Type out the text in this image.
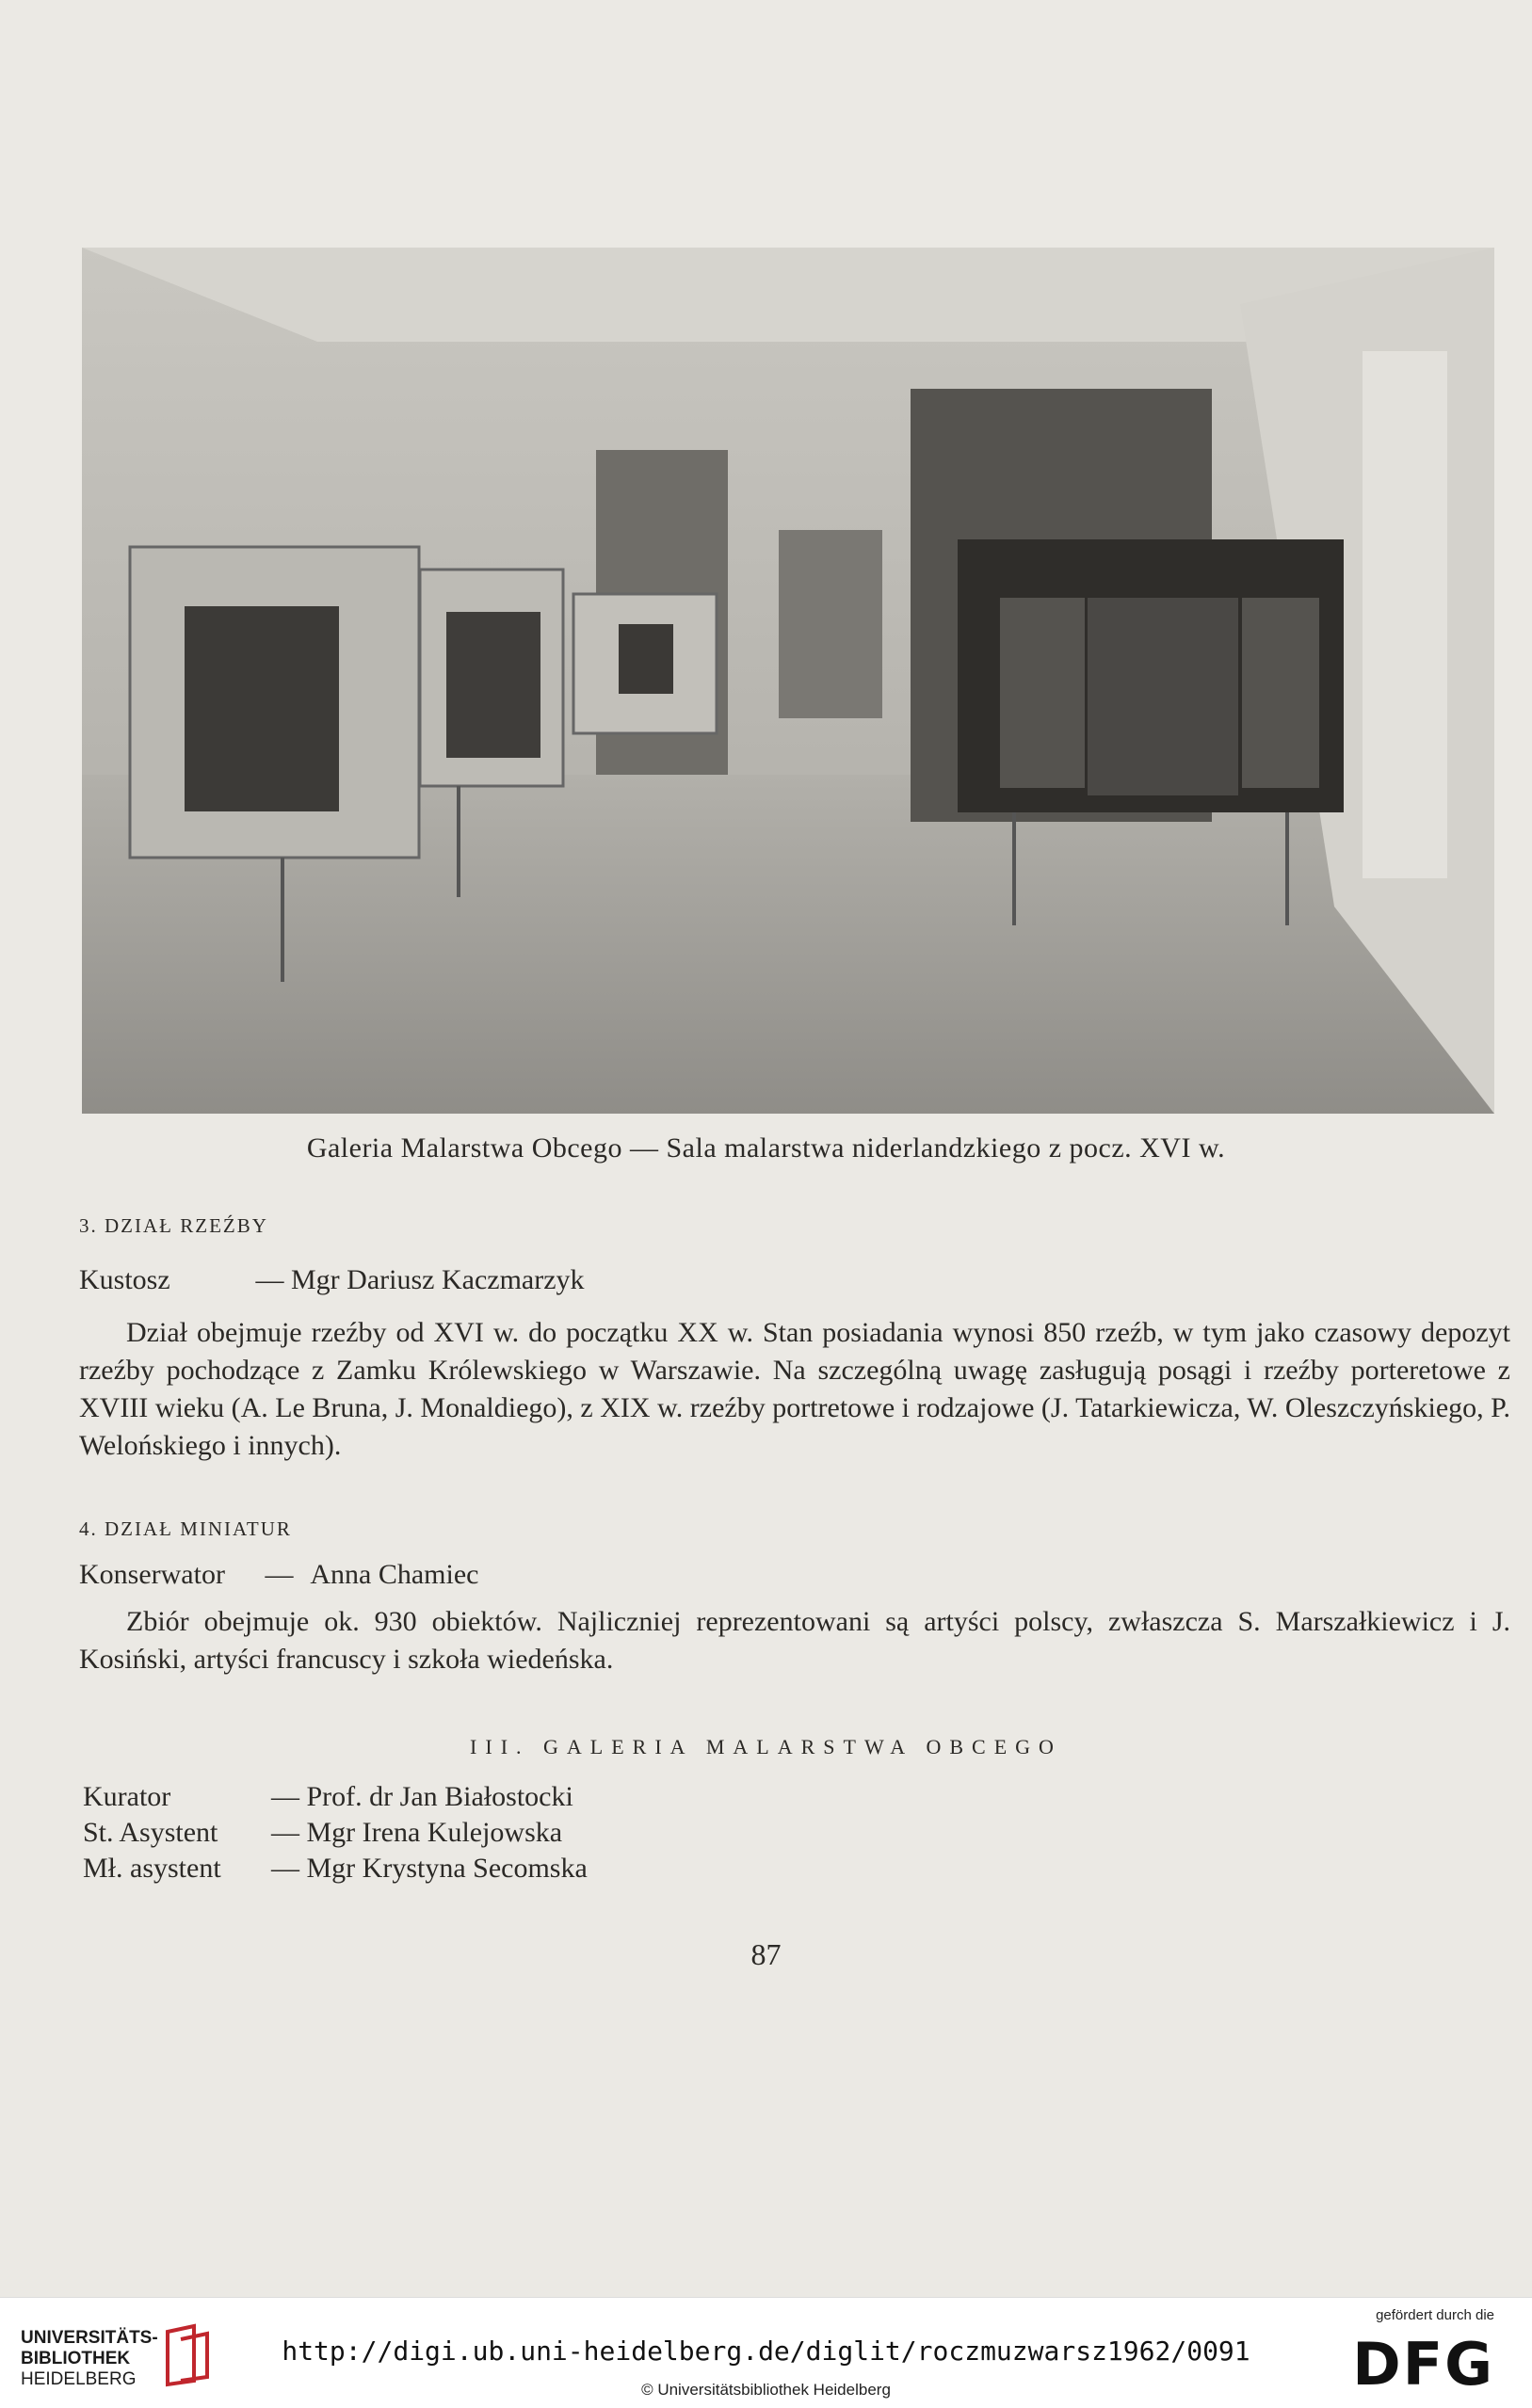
Galeria Malarstwa Obcego — Sala malarstwa niderlandzkiego z pocz. XVI w.
3. DZIAŁ RZEŹBY
Kustosz	— Mgr Dariusz Kaczmarzyk
Dział obejmuje rzeźby od XVI w. do początku XX w. Stan posiadania wynosi 850 rzeźb, w tym jako czasowy depozyt rzeźby pochodzące z Zamku Królewskiego w Warszawie. Na szczególną uwagę zasługują posągi i rzeźby porteretowe z XVIII wieku (A. Le Bruna, J. Monaldiego), z XIX w. rzeźby portretowe i rodzajowe (J. Tatarkiewicza, W. Oleszczyńskiego, P. Welońskiego i innych).
4. DZIAŁ MINIATUR
Konserwator — Anna Chamiec
Zbiór obejmuje ok. 930 obiektów. Najliczniej reprezentowani są artyści polscy, zwłaszcza S. Marszałkiewicz i J. Kosiński, artyści francuscy i szkoła wiedeńska.
III. GALERIA MALARSTWA OBCEGO
Kurator	— Prof. dr Jan Białostocki
St. Asystent — Mgr Irena Kulejowska
Mł. asystent — Mgr Krystyna Secomska
87
UNIVERSITÄTS-
BIBLIOTHEK
HEIDELBERG
http://digi.ub.uni-heidelberg.de/diglit/roczmuzwarsz1962/0091
© Universitätsbibliothek Heidelberg
gefördert durch die
DFG
